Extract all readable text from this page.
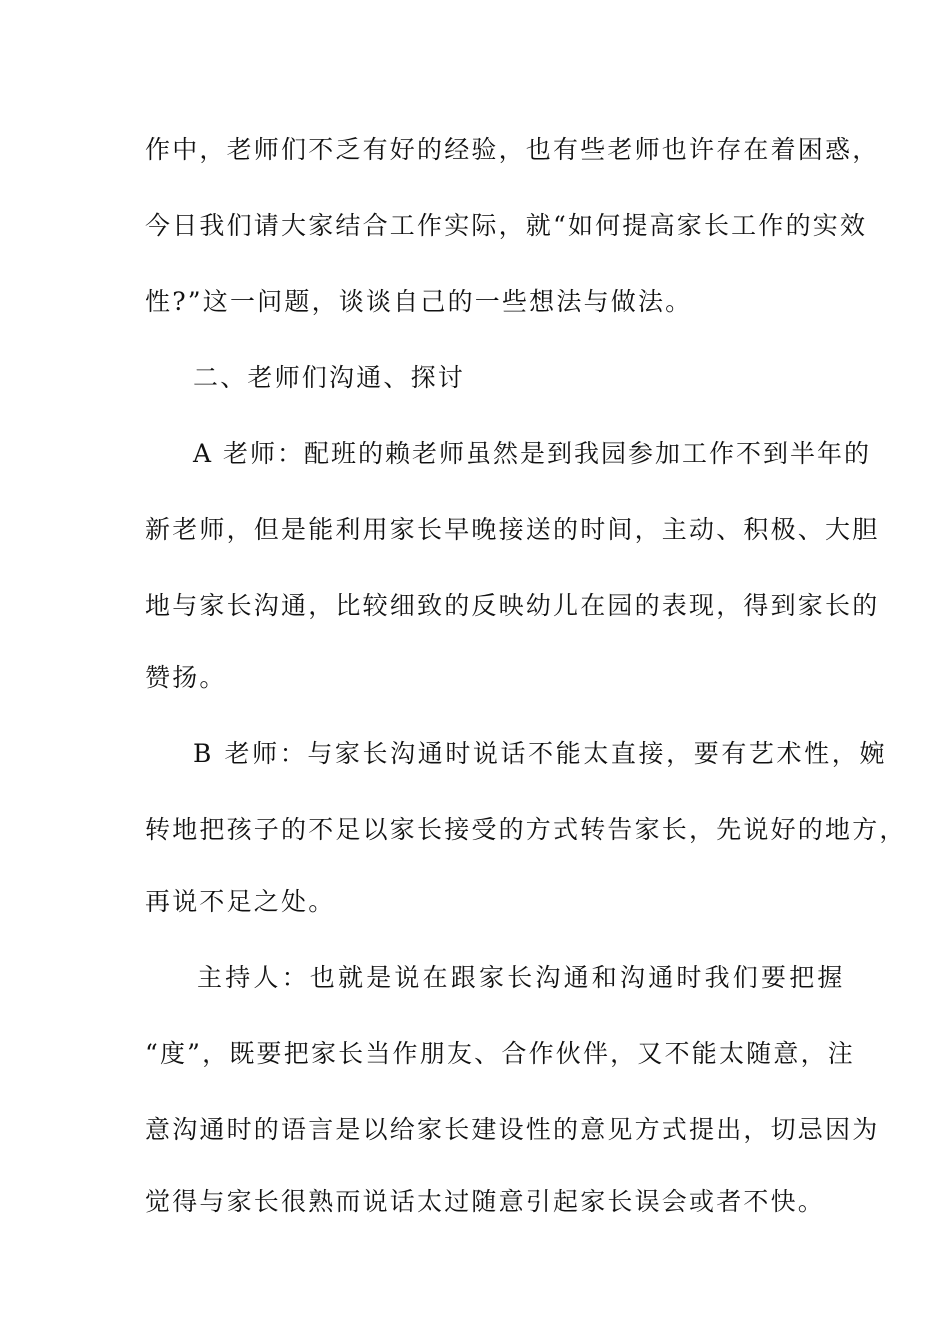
作中，老师们不乏有好的经验，也有些老师也许存在着困惑，
今日我们请大家结合工作实际，就“如何提高家长工作的实效
性?”这一问题，谈谈自己的一些想法与做法。
二、老师们沟通、探讨
A 老师：配班的赖老师虽然是到我园参加工作不到半年的
新老师，但是能利用家长早晚接送的时间，主动、积极、大胆
地与家长沟通，比较细致的反映幼儿在园的表现，得到家长的
赞扬。
B 老师：与家长沟通时说话不能太直接，要有艺术性，婉
转地把孩子的不足以家长接受的方式转告家长，先说好的地方，
再说不足之处。
主持人：也就是说在跟家长沟通和沟通时我们要把握
“度”，既要把家长当作朋友、合作伙伴，又不能太随意，注
意沟通时的语言是以给家长建设性的意见方式提出，切忌因为
觉得与家长很熟而说话太过随意引起家长误会或者不快。
